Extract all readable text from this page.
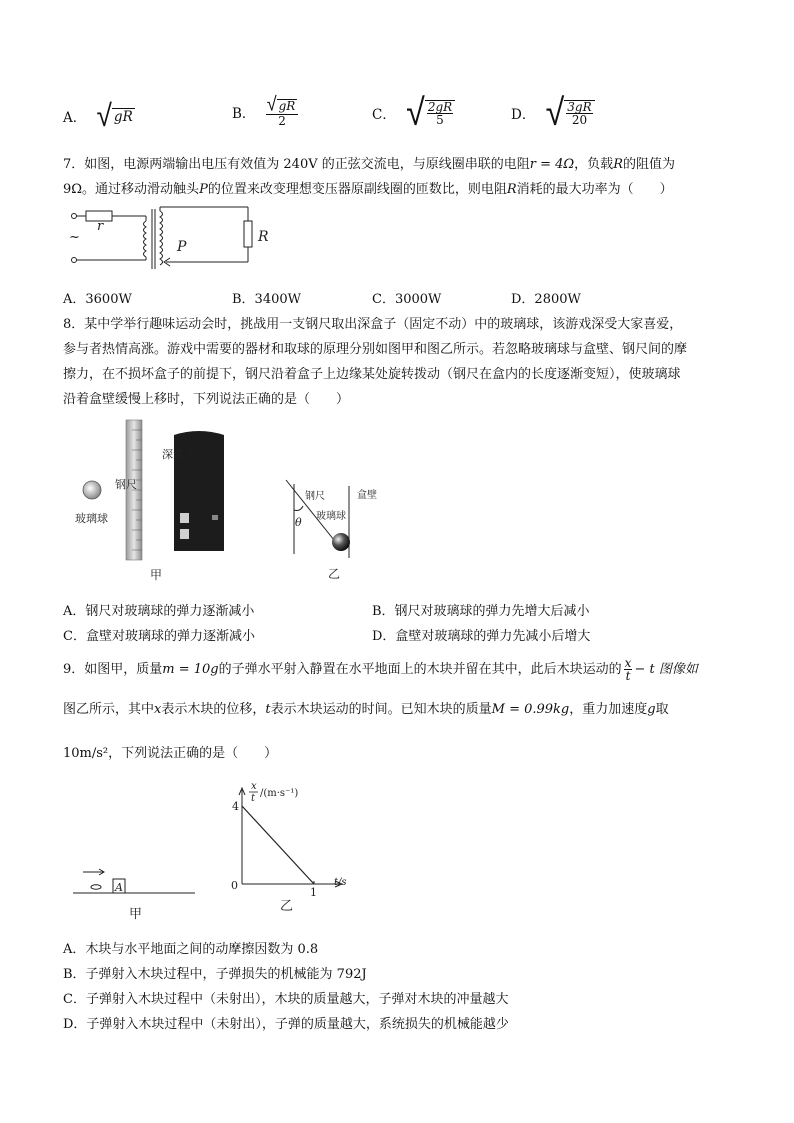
A． √ gR	B． $\frac{√ gR}{2}$	C． √ $\frac{2gR}{5}$	D． √ $\frac{3gR}{20}$
7．如图，电源两端输出电压有效值为 240V 的正弦交流电，与原线圈串联的电阻r = 4Ω，负载R的阻值为
9Ω。通过移动滑动触头P的位置来改变理想变压器原副线圈的匝数比，则电阻R消耗的最大功率为（　　）
r
~
P
R
A．3600W	B．3400W	C．3000W	D．2800W
8．某中学举行趣味运动会时，挑战用一支钢尺取出深盒子（固定不动）中的玻璃球，该游戏深受大家喜爱，
参与者热情高涨。游戏中需要的器材和取球的原理分别如图甲和图乙所示。若忽略玻璃球与盒壁、钢尺间的摩
擦力，在不损坏盒子的前提下，钢尺沿着盒子上边缘某处旋转拨动（钢尺在盒内的长度逐渐变短），使玻璃球
沿着盒壁缓慢上移时，下列说法正确的是（　　）
玻璃球
钢尺
深盒子
甲
钢尺	盒壁
玻璃球
θ
乙
A．钢尺对玻璃球的弹力逐渐减小	B．钢尺对玻璃球的弹力先增大后减小
C．盒壁对玻璃球的弹力逐渐减小	D．盒壁对玻璃球的弹力先减小后增大
9．如图甲，质量m = 10g的子弹水平射入静置在水平地面上的木块并留在其中，此后木块运动的 $\frac{x}{t} - t$ 图像如
图乙所示，其中x表示木块的位移，t表示木块运动的时间。已知木块的质量M = 0.99kg，重力加速度g取
10m/s²，下列说法正确的是（　　）
A
甲
x
t /(m·s⁻¹)
4
0
1
t/s
乙
A．木块与水平地面之间的动摩擦因数为 0.8
B．子弹射入木块过程中，子弹损失的机械能为 792J
C．子弹射入木块过程中（未射出），木块的质量越大，子弹对木块的冲量越大
D．子弹射入木块过程中（未射出），子弹的质量越大，系统损失的机械能越少
